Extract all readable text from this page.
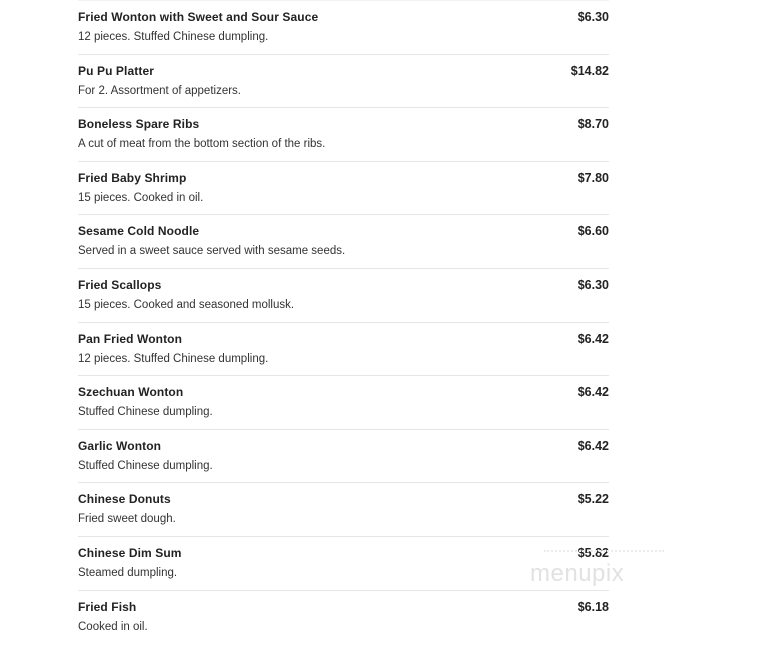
Fried Wonton with Sweet and Sour Sauce	$6.30
12 pieces. Stuffed Chinese dumpling.
Pu Pu Platter	$14.82
For 2. Assortment of appetizers.
Boneless Spare Ribs	$8.70
A cut of meat from the bottom section of the ribs.
Fried Baby Shrimp	$7.80
15 pieces. Cooked in oil.
Sesame Cold Noodle	$6.60
Served in a sweet sauce served with sesame seeds.
Fried Scallops	$6.30
15 pieces. Cooked and seasoned mollusk.
Pan Fried Wonton	$6.42
12 pieces. Stuffed Chinese dumpling.
Szechuan Wonton	$6.42
Stuffed Chinese dumpling.
Garlic Wonton	$6.42
Stuffed Chinese dumpling.
Chinese Donuts	$5.22
Fried sweet dough.
Chinese Dim Sum	$5.82
Steamed dumpling.
Fried Fish	$6.18
Cooked in oil.
menupix
